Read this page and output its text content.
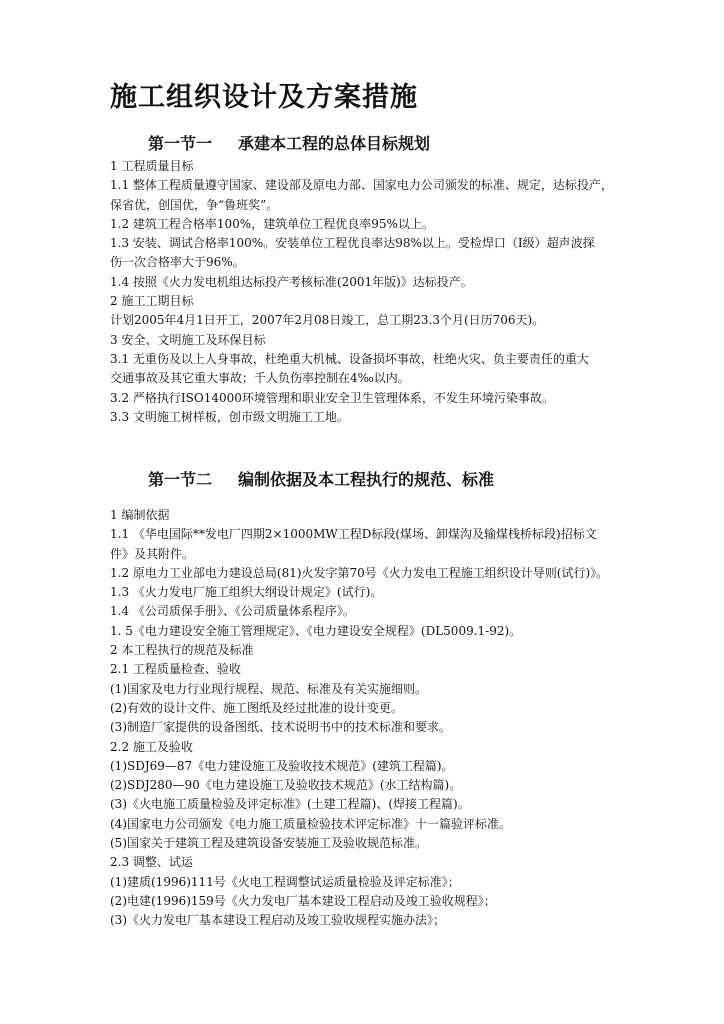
施工组织设计及方案措施
第一节一 承建本工程的总体目标规划
1 工程质量目标
1.1 整体工程质量遵守国家、建设部及原电力部、国家电力公司颁发的标准、规定，达标投产，
保省优，创国优，争“鲁班奖”。
1.2 建筑工程合格率100%，建筑单位工程优良率95%以上。
1.3 安装、调试合格率100%。安装单位工程优良率达98%以上。受检焊口（Ⅰ级）超声波探
伤一次合格率大于96%。
1.4 按照《火力发电机组达标投产考核标准(2001年版)》达标投产。
2 施工工期目标
计划2005年4月1日开工，2007年2月08日竣工，总工期23.3个月(日历706天)。
3 安全、文明施工及环保目标
3.1 无重伤及以上人身事故，杜绝重大机械、设备损坏事故，杜绝火灾、负主要责任的重大
交通事故及其它重大事故；千人负伤率控制在4‰以内。
3.2 严格执行ISO14000环境管理和职业安全卫生管理体系，不发生环境污染事故。
3.3 文明施工树样板，创市级文明施工工地。
第一节二 编制依据及本工程执行的规范、标准
1 编制依据
1.1 《华电国际**发电厂四期2×1000MW工程D标段(煤场、卸煤沟及输煤栈桥标段)招标文
件》及其附件。
1.2 原电力工业部电力建设总局(81)火发字第70号《火力发电工程施工组织设计导则(试行)》。
1.3 《火力发电厂施工组织大纲设计规定》(试行)。
1.4 《公司质保手册》、《公司质量体系程序》。
1. 5《电力建设安全施工管理规定》、《电力建设安全规程》(DL5009.1-92)。
2 本工程执行的规范及标准
2.1 工程质量检查、验收
(1)国家及电力行业现行规程、规范、标准及有关实施细则。
(2)有效的设计文件、施工图纸及经过批准的设计变更。
(3)制造厂家提供的设备图纸、技术说明书中的技术标准和要求。
2.2 施工及验收
(1)SDJ69—87《电力建设施工及验收技术规范》(建筑工程篇)。
(2)SDJ280—90《电力建设施工及验收技术规范》(水工结构篇)。
(3)《火电施工质量检验及评定标准》(土建工程篇)、(焊接工程篇)。
(4)国家电力公司颁发《电力施工质量检验技术评定标准》十一篇验评标准。
(5)国家关于建筑工程及建筑设备安装施工及验收规范标准。
2.3 调整、试运
(1)建质(1996)111号《火电工程调整试运质量检验及评定标准》；
(2)电建(1996)159号《火力发电厂基本建设工程启动及竣工验收规程》；
(3)《火力发电厂基本建设工程启动及竣工验收规程实施办法》；
